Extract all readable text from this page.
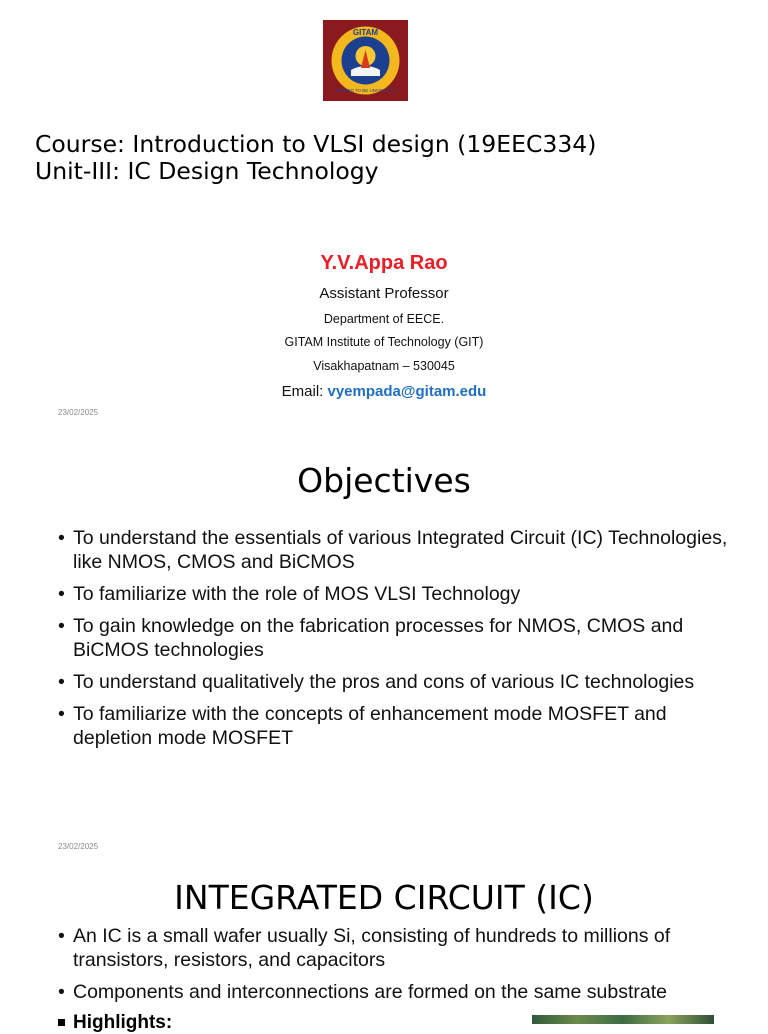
GITAM
DEEMED TO BE UNIVERSITY
Course: Introduction to VLSI design (19EEC334)
Unit-III: IC Design Technology
Y.V.Appa Rao
Assistant Professor
Department of EECE.
GITAM Institute of Technology (GIT)
Visakhapatnam – 530045
Email: vyempada@gitam.edu
23/02/2025
Objectives
• To understand the essentials of various Integrated Circuit (IC) Technologies, like NMOS, CMOS and BiCMOS
• To familiarize with the role of MOS VLSI Technology
• To gain knowledge on the fabrication processes for NMOS, CMOS and BiCMOS technologies
• To understand qualitatively the pros and cons of various IC technologies
• To familiarize with the concepts of enhancement mode MOSFET and depletion mode MOSFET
23/02/2025
INTEGRATED CIRCUIT (IC)
• An IC is a small wafer usually Si, consisting of hundreds to millions of transistors, resistors, and capacitors
• Components and interconnections are formed on the same substrate
Highlights:
